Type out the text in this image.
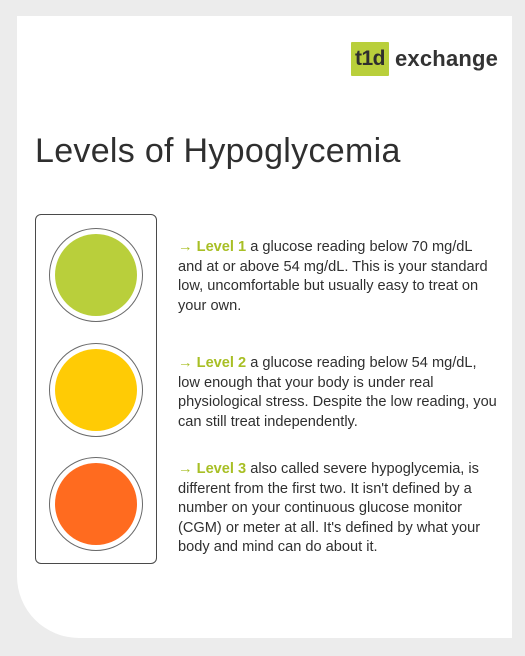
t1d exchange
Levels of Hypoglycemia

→ Level 1 a glucose reading below 70 mg/dL and at or above 54 mg/dL. This is your standard low, uncomfortable but usually easy to treat on your own.

→ Level 2 a glucose reading below 54 mg/dL, low enough that your body is under real physiological stress. Despite the low reading, you can still treat independently.

→ Level 3 also called severe hypoglycemia, is different from the first two. It isn't defined by a number on your continuous glucose monitor (CGM) or meter at all. It's defined by what your body and mind can do about it.
